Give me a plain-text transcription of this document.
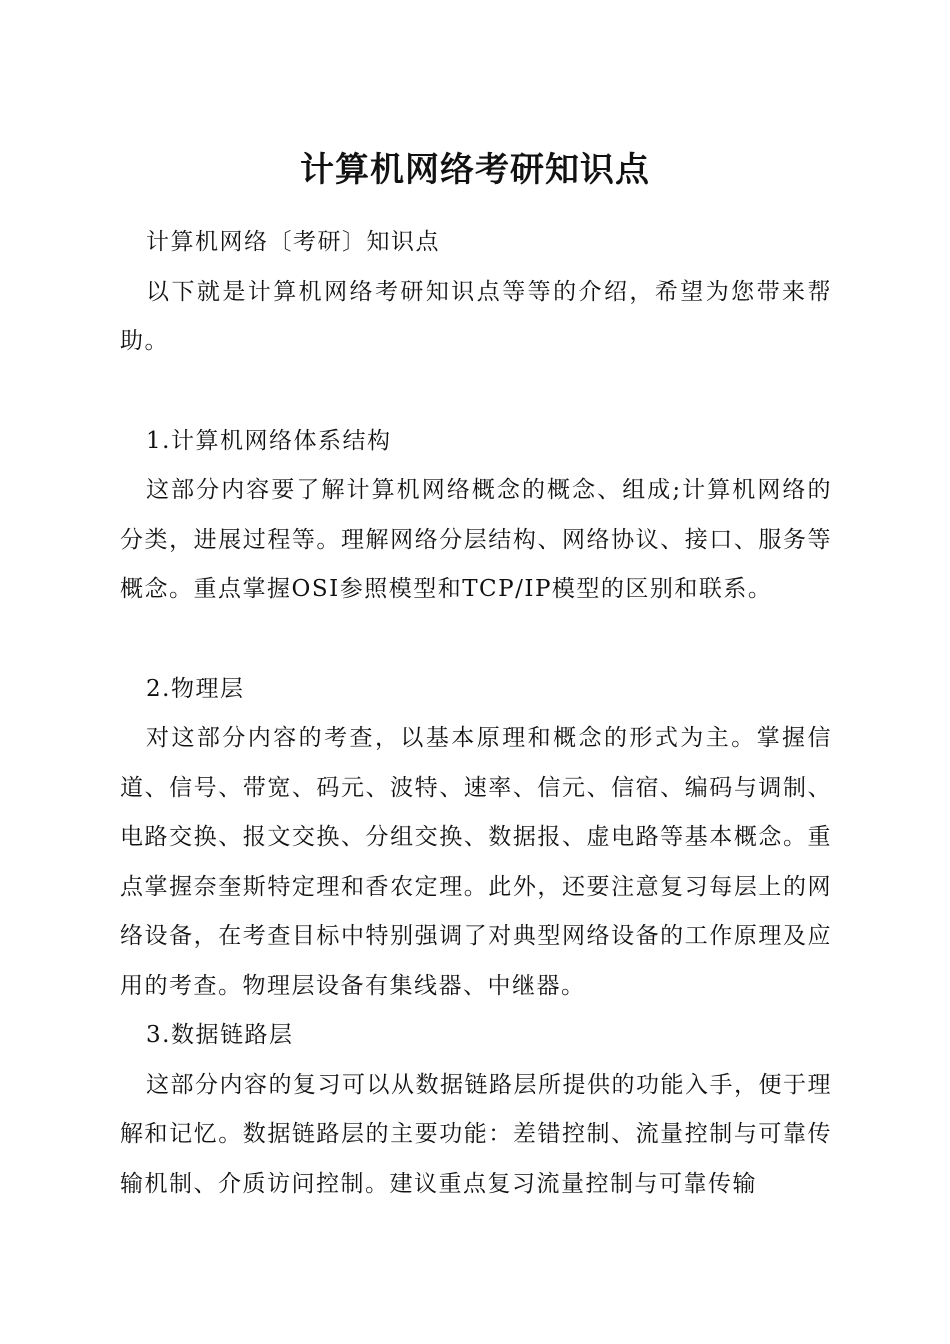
计算机网络考研知识点

计算机网络〔考研〕知识点

以下就是计算机网络考研知识点等等的介绍，希望为您带来帮助。

1.计算机网络体系结构

这部分内容要了解计算机网络概念的概念、组成;计算机网络的分类，进展过程等。理解网络分层结构、网络协议、接口、服务等概念。重点掌握OSI参照模型和TCP/IP模型的区别和联系。

2.物理层

对这部分内容的考查，以基本原理和概念的形式为主。掌握信道、信号、带宽、码元、波特、速率、信元、信宿、编码与调制、电路交换、报文交换、分组交换、数据报、虚电路等基本概念。重点掌握奈奎斯特定理和香农定理。此外，还要注意复习每层上的网络设备，在考查目标中特别强调了对典型网络设备的工作原理及应用的考查。物理层设备有集线器、中继器。

3.数据链路层

这部分内容的复习可以从数据链路层所提供的功能入手，便于理解和记忆。数据链路层的主要功能：差错控制、流量控制与可靠传输机制、介质访问控制。建议重点复习流量控制与可靠传输
